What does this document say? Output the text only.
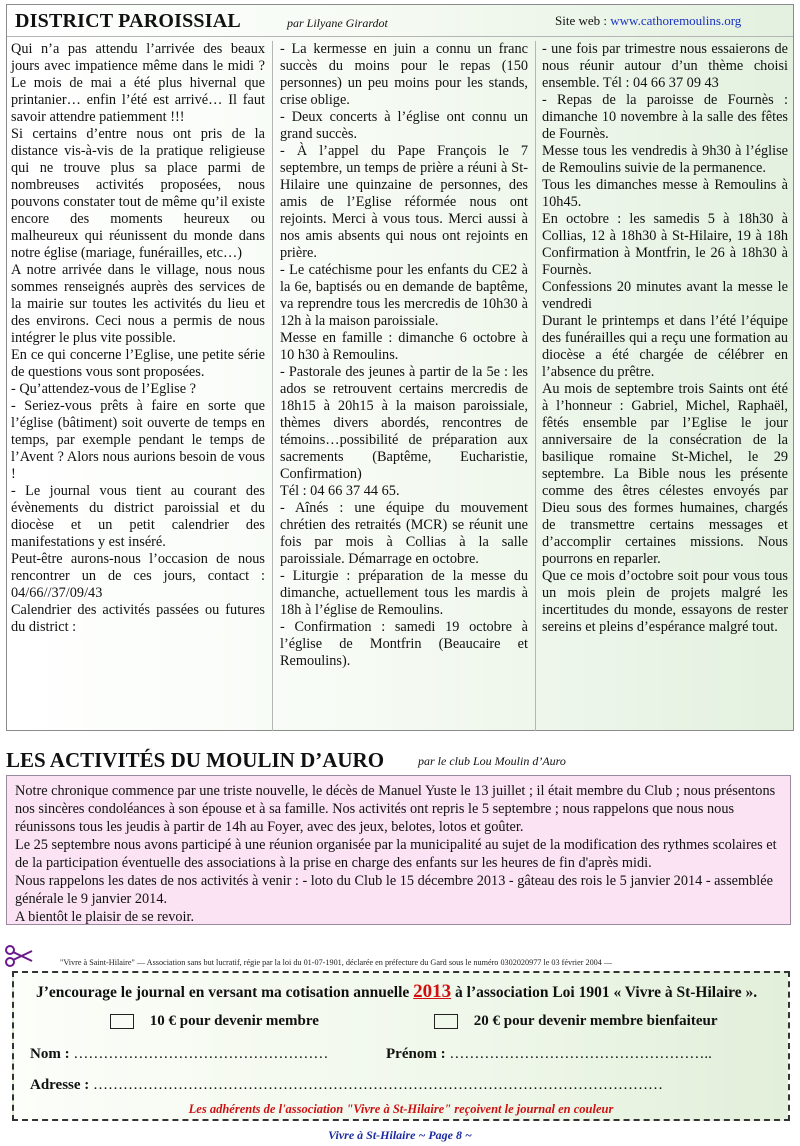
DISTRICT PAROISSIAL	par Lilyane Girardot	Site web : www.cathoremoulins.org

Qui n’a pas attendu l’arrivée des beaux jours avec impatience même dans le midi ? Le mois de mai a été plus hivernal que printanier… enfin l’été est arrivé… Il faut savoir attendre patiemment !!!

Si certains d’entre nous ont pris de la distance vis-à-vis de la pratique religieuse qui ne trouve plus sa place parmi de nombreuses activités proposées, nous pouvons constater tout de même qu’il existe encore des moments heureux ou malheureux qui réunissent du monde dans notre église (mariage, funérailles, etc…)

A notre arrivée dans le village, nous nous sommes renseignés auprès des services de la mairie sur toutes les activités du lieu et des environs. Ceci nous a permis de nous intégrer le plus vite possible.

En ce qui concerne l’Eglise, une petite série de questions vous sont proposées.

- Qu’attendez-vous de l’Eglise ?

- Seriez-vous prêts à faire en sorte que l’église (bâtiment) soit ouverte de temps en temps, par exemple pendant le temps de l’Avent ? Alors nous aurions besoin de vous !

- Le journal vous tient au courant des évènements du district paroissial et du diocèse et un petit calendrier des manifestations y est inséré.

Peut-être aurons-nous l’occasion de nous rencontrer un de ces jours, contact : 04/66//37/09/43

Calendrier des activités passées ou futures du district :

- La kermesse en juin a connu un franc succès du moins pour le repas (150 personnes) un peu moins pour les stands, crise oblige.

- Deux concerts à l’église ont connu un grand succès.

- À l’appel du Pape François le 7 septembre, un temps de prière a réuni à St-Hilaire une quinzaine de personnes, des amis de l’Eglise réformée nous ont rejoints. Merci à vous tous. Merci aussi à nos amis absents qui nous ont rejoints en prière.

- Le catéchisme pour les enfants du CE2 à la 6e, baptisés ou en demande de baptême, va reprendre tous les mercredis de 10h30 à 12h à la maison paroissiale.

Messe en famille : dimanche 6 octobre à 10 h30 à Remoulins.

- Pastorale des jeunes à partir de la 5e : les ados se retrouvent certains mercredis de 18h15 à 20h15 à la maison paroissiale, thèmes divers abordés, rencontres de témoins…possibilité de préparation aux sacrements (Baptême, Eucharistie, Confirmation)

Tél : 04 66 37 44 65.

- Aînés : une équipe du mouvement chrétien des retraités (MCR) se réunit une fois par mois à Collias à la salle paroissiale. Démarrage en octobre.

- Liturgie : préparation de la messe du dimanche, actuellement tous les mardis à 18h à l’église de Remoulins.

- Confirmation : samedi 19 octobre à l’église de Montfrin (Beaucaire et Remoulins).

- une fois par trimestre nous essaierons de nous réunir autour d’un thème choisi ensemble. Tél : 04 66 37 09 43

- Repas de la paroisse de Fournès : dimanche 10 novembre à la salle des fêtes de Fournès.

Messe tous les vendredis à 9h30 à l’église de Remoulins suivie de la permanence.

Tous les dimanches messe à Remoulins à 10h45.

En octobre : les samedis 5 à 18h30 à Collias, 12 à 18h30 à St-Hilaire, 19 à 18h Confirmation à Montfrin, le 26 à 18h30 à Fournès.

Confessions 20 minutes avant la messe le vendredi

Durant le printemps et dans l’été l’équipe des funérailles qui a reçu une formation au diocèse a été chargée de célébrer en l’absence du prêtre.

Au mois de septembre trois Saints ont été à l’honneur : Gabriel, Michel, Raphaël, fêtés ensemble par l’Eglise le jour anniversaire de la consécration de la basilique romaine St-Michel, le 29 septembre. La Bible nous les présente comme des êtres célestes envoyés par Dieu sous des formes humaines, chargés de transmettre certains messages et d’accomplir certaines missions. Nous pourrons en reparler.

Que ce mois d’octobre soit pour vous tous un mois plein de projets malgré les incertitudes du monde, essayons de rester sereins et pleins d’espérance malgré tout.

LES ACTIVITÉS DU MOULIN D’AURO	par le club Lou Moulin d’Auro

Notre chronique commence par une triste nouvelle, le décès de Manuel Yuste le 13 juillet ; il était membre du Club ; nous présentons nos sincères condoléances à son épouse et à sa famille. Nos activités ont repris le 5 septembre ; nous rappelons que nous nous réunissons tous les jeudis à partir de 14h au Foyer, avec des jeux, belotes, lotos et goûter.

Le 25 septembre nous avons participé à une réunion organisée par la municipalité au sujet de la modification des rythmes scolaires et de la participation éventuelle des associations à la prise en charge des enfants sur les heures de fin d'après midi.

Nous rappelons les dates de nos activités à venir : - loto du Club le 15 décembre 2013 - gâteau des rois le 5 janvier 2014 - assemblée générale le 9 janvier 2014.

A bientôt le plaisir de se revoir.

"Vivre à Saint-Hilaire" — Association sans but lucratif, régie par la loi du 01-07-1901, déclarée en préfecture du Gard sous le numéro 0302020977 le 03 février 2004 —
J’encourage le journal en versant ma cotisation annuelle 2013 à l’association Loi 1901 « Vivre à St-Hilaire ».
10 € pour devenir membre	20 € pour devenir membre bienfaiteur
Nom : ……………………………………………	Prénom : ……………………………………………..
Adresse : ……………………………………………………………………………………………………
Les adhérents de l'association "Vivre à St-Hilaire" reçoivent le journal en couleur
Vivre à St-Hilaire ~ Page 8 ~
